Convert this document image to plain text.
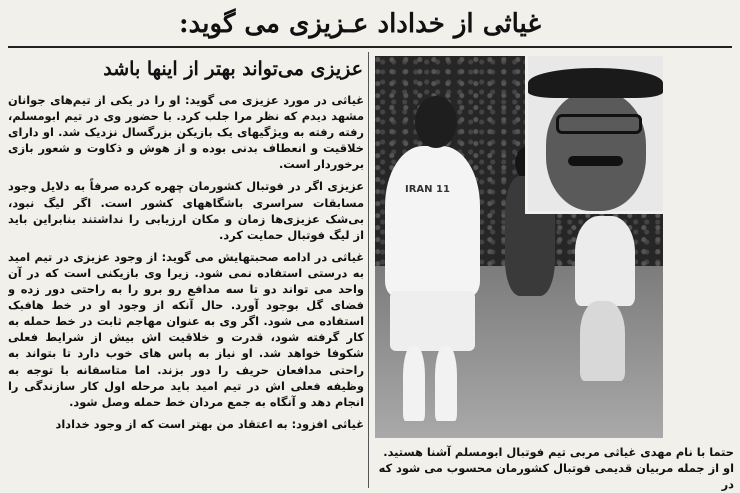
غیاثی از خداداد عـزیزی می گوید:
عزیزی می‌تواند بهتر از اینها باشد

غیاثی در مورد عزیزی می گوید: او را در یکی از تیم‌های جوانان مشهد دیدم که نظر مرا جلب کرد. با حضور وی در تیم ابومسلم، رفته رفته به ویژگیهای یک بازیکن بزرگسال نزدیک شد. او دارای خلاقیت و انعطاف بدنی بوده و از هوش و ذکاوت و شعور بازی برخوردار است.

عزیزی اگر در فوتبال کشورمان چهره کرده صرفاً به دلایل وجود مسابقات سراسری باشگاههای کشور است. اگر لیگ نبود، بی‌شک عزیزی‌ها زمان و مکان ارزیابی را نداشتند بنابراین باید از لیگ فوتبال حمایت کرد.

غیاثی در ادامه صحبتهایش می گوید: از وجود عزیزی در تیم امید به درستی استفاده نمی شود. زیرا وی بازیکنی است که در آن واحد می تواند دو تا سه مدافع رو برو را به راحتی دور زده و فضای گل بوجود آورد. حال آنکه از وجود او در خط هافبک استفاده می شود. اگر وی به عنوان مهاجم ثابت در خط حمله به کار گرفته شود، قدرت و خلاقیت اش بیش از شرایط فعلی شکوفا خواهد شد. او نیاز به پاس های خوب دارد تا بتواند به راحتی مدافعان حریف را دور بزند. اما متاسفانه با توجه به وظیفه فعلی اش در تیم امید باید مرحله اول کار سازندگی را انجام دهد و آنگاه به جمع مردان خط حمله وصل شود.

غیاثی افزود: به اعتقاد من بهتر است که از وجود خداداد

IRAN 11
حتما با نام مهدی غیاثی مربی تیم فوتبال ابومسلم آشنا هستید. او از جمله مربیان قدیمی فوتبال کشورمان محسوب می شود که در
